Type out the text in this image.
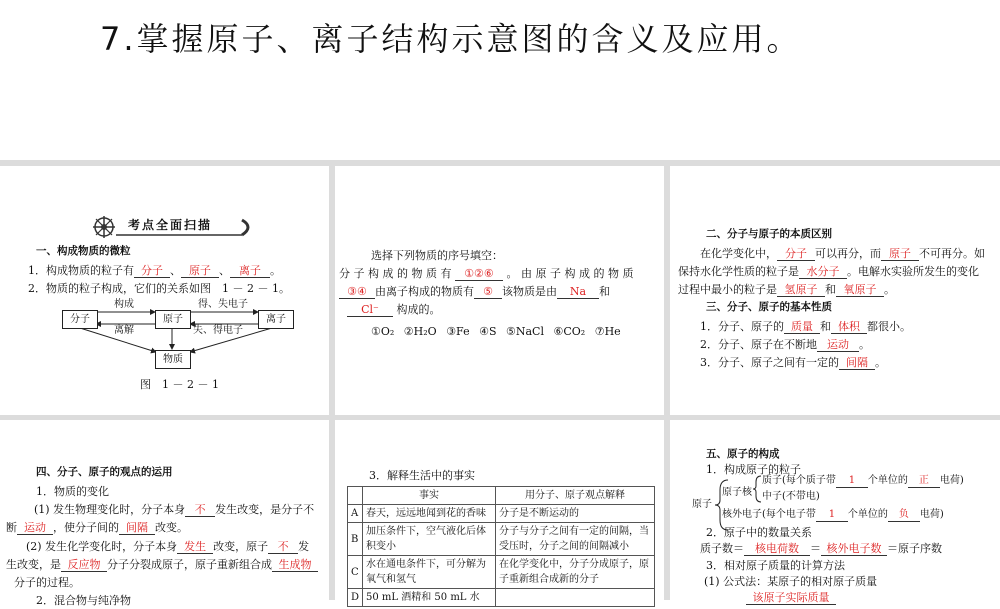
7.掌握原子、离子结构示意图的含义及应用。
考点全面扫描
一、构成物质的微粒
1．构成物质的粒子有 分子 、 原子 、 离子 。
2．物质的粒子构成，它们的关系如图　1 － 2 － 1。
分子	原子	离子
物质
构成
离解
得、失电子
失、得电子
图　1 － 2 － 1
选择下列物质的序号填空：
分 子 构 成 的 物 质 有 ①②⑥ 。 由 原 子 构 成 的 物 质
③④ 由离子构成的物质有 ⑤ 该物质是由 Na 和
Cl⁻ 构成的。
①O₂ ②H₂O ③Fe ④S ⑤NaCl ⑥CO₂ ⑦He
二、分子与原子的本质区别
在化学变化中， 分子 可以再分，而 原子 不可再分。如
保持水化学性质的粒子是 水分子 。电解水实验所发生的变化
过程中最小的粒子是 氢原子 和 氧原子 。
三、分子、原子的基本性质
1．分子、原子的 质量 和 体积 都很小。
2．分子、原子在不断地 运动 。
3．分子、原子之间有一定的 间隔 。
四、分子、原子的观点的运用
1．物质的变化
(1) 发生物理变化时，分子本身 不 发生改变，是分子不
断 运动 ，使分子间的 间隔 改变。
(2) 发生化学变化时，分子本身 发生 改变，原子 不 发
生改变，是 反应物 分子分裂成原子，原子重新组合成 生成物
分子的过程。
2．混合物与纯净物
3．解释生活中的事实
	事实	用分子、原子观点解释
A	春天，远远地闻到花的香味	分子是不断运动的
B	加压条件下，空气液化后体积变小	分子与分子之间有一定的间隔，当受压时，分子之间的间隔减小
C	水在通电条件下，可分解为氧气和氢气	在化学变化中，分子分成原子，原子重新组合成新的分子
D	50 mL 酒精和 50 mL 水	
五、原子的构成
1．构成原子的粒子
原子
原子核
质子(每个质子带 1 个单位的 正 电荷)
中子(不带电)
核外电子(每个电子带 1 个单位的 负 电荷)
2．原子中的数量关系
质子数＝ 核电荷数 ＝ 核外电子数 ＝原子序数
3．相对原子质量的计算方法
(1) 公式法：某原子的相对原子质量
该原子实际质量
